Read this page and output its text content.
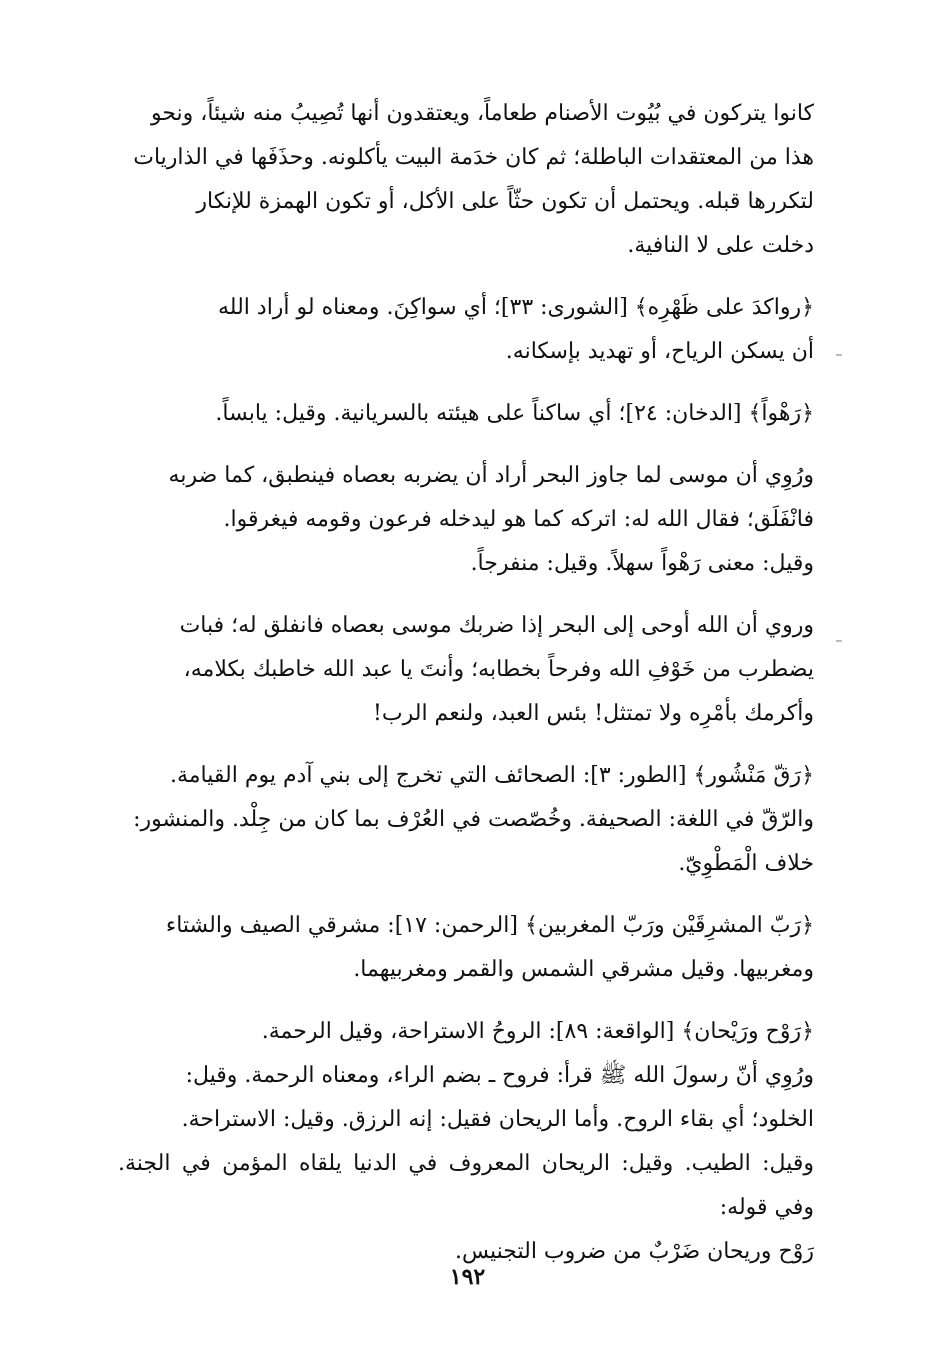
كانوا يتركون في بُيُوت الأصنام طعاماً، ويعتقدون أنها تُصِيبُ منه شيئاً، ونحو
هذا من المعتقدات الباطلة؛ ثم كان خدَمة البيت يأكلونه. وحذَفَها في الذاريات
لتكررها قبله. ويحتمل أن تكون حثّاً على الأكل، أو تكون الهمزة للإنكار
دخلت على لا النافية.
﴿رواكدَ على ظَهْرِه﴾ [الشورى: ٣٣]؛ أي سواكِنَ. ومعناه لو أراد الله
أن يسكن الرياح، أو تهديد بإسكانه.
﴿رَهْواً﴾ [الدخان: ٢٤]؛ أي ساكناً على هيئته بالسريانية. وقيل: يابساً.
ورُوِي أن موسى لما جاوز البحر أراد أن يضربه بعصاه فينطبق، كما ضربه
فانْفَلَق؛ فقال الله له: اتركه كما هو ليدخله فرعون وقومه فيغرقوا.
وقيل: معنى رَهْواً سهلاً. وقيل: منفرجاً.
وروي أن الله أوحى إلى البحر إذا ضربك موسى بعصاه فانفلق له؛ فبات
يضطرب من خَوْفِ الله وفرحاً بخطابه؛ وأنتَ يا عبد الله خاطبك بكلامه،
وأكرمك بأمْرِه ولا تمتثل! بئس العبد، ولنعم الرب!
﴿رَقّ مَنْشُور﴾ [الطور: ٣]: الصحائف التي تخرج إلى بني آدم يوم القيامة.
والرّقّ في اللغة: الصحيفة. وخُصّصت في العُرْف بما كان من جِلْد. والمنشور:
خلاف الْمَطْوِيّ.
﴿رَبّ المشرِقَيْن ورَبّ المغربين﴾ [الرحمن: ١٧]: مشرقي الصيف والشتاء
ومغربيها. وقيل مشرقي الشمس والقمر ومغربيهما.
﴿رَوْح ورَيْحان﴾ [الواقعة: ٨٩]: الروحُ الاستراحة، وقيل الرحمة.
ورُوِي أنّ رسولَ الله ﷺ قرأ: فروح ـ بضم الراء، ومعناه الرحمة. وقيل:
الخلود؛ أي بقاء الروح. وأما الريحان فقيل: إنه الرزق. وقيل: الاستراحة.
وقيل: الطيب. وقيل: الريحان المعروف في الدنيا يلقاه المؤمن في الجنة. وفي قوله:
رَوْح وريحان ضَرْبٌ من ضروب التجنيس.
١٩٢
